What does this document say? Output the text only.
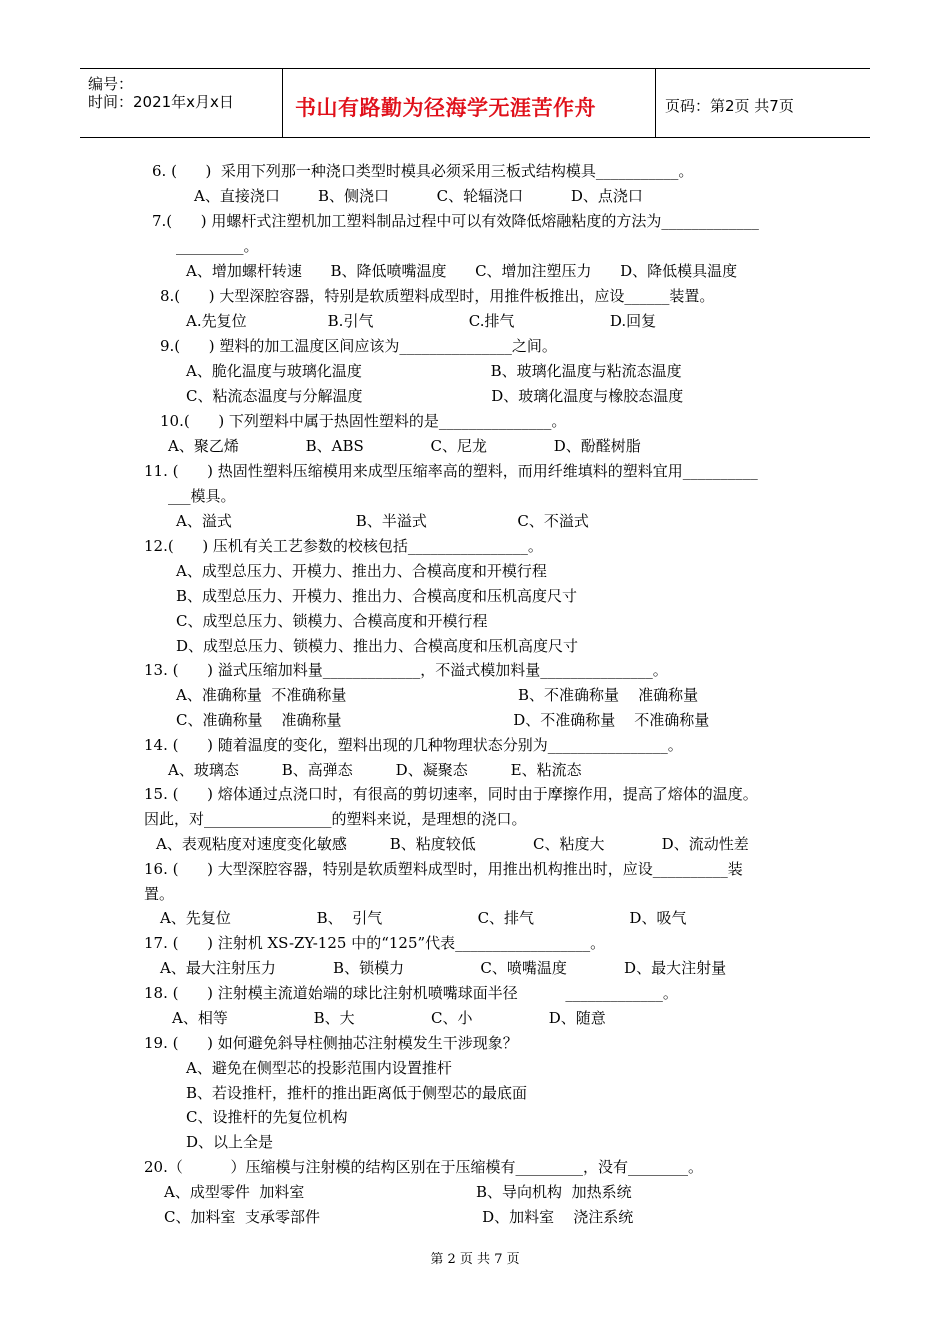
编号：
时间：2021年x月x日	书山有路勤为径海学无涯苦作舟	页码：第2页 共7页
6. (      )  采用下列那一种浇口类型时模具必须采用三板式结构模具___________。
A、直接浇口        B、侧浇口          C、轮辐浇口          D、点浇口
7.(      ) 用螺杆式注塑机加工塑料制品过程中可以有效降低熔融粘度的方法为_____________
_________。
A、增加螺杆转速      B、降低喷嘴温度      C、增加注塑压力      D、降低模具温度
8.(      ) 大型深腔容器，特别是软质塑料成型时，用推件板推出，应设______装置。
A.先复位                 B.引气                    C.排气                    D.回复
9.(      ) 塑料的加工温度区间应该为_______________之间。
A、脆化温度与玻璃化温度                           B、玻璃化温度与粘流态温度
C、粘流态温度与分解温度                           D、玻璃化温度与橡胶态温度
10.(      ) 下列塑料中属于热固性塑料的是_______________。
A、聚乙烯              B、ABS              C、尼龙              D、酚醛树脂
11. (      ) 热固性塑料压缩模用来成型压缩率高的塑料，而用纤维填料的塑料宜用__________
___模具。
A、溢式                          B、半溢式                   C、不溢式
12.(      ) 压机有关工艺参数的校核包括________________。
A、成型总压力、开模力、推出力、合模高度和开模行程
B、成型总压力、开模力、推出力、合模高度和压机高度尺寸
C、成型总压力、锁模力、合模高度和开模行程
D、成型总压力、锁模力、推出力、合模高度和压机高度尺寸
13. (      ) 溢式压缩加料量_____________，不溢式模加料量_______________。
A、准确称量  不准确称量                                    B、不准确称量    准确称量
C、准确称量    准确称量                                    D、不准确称量    不准确称量
14. (      ) 随着温度的变化，塑料出现的几种物理状态分别为________________。
A、玻璃态         B、高弹态         D、凝聚态         E、粘流态
15. (      ) 熔体通过点浇口时，有很高的剪切速率，同时由于摩擦作用，提高了熔体的温度。
因此，对_________________的塑料来说，是理想的浇口。
A、表观粘度对速度变化敏感         B、粘度较低            C、粘度大            D、流动性差
16. (      ) 大型深腔容器，特别是软质塑料成型时，用推出机构推出时，应设__________装
置。
A、先复位                  B、  引气                    C、排气                    D、吸气
17. (      ) 注射机 XS-ZY-125 中的“125”代表__________________。
A、最大注射压力            B、锁模力                C、喷嘴温度            D、最大注射量
18. (      ) 注射模主流道始端的球比注射机喷嘴球面半径          _____________。
A、相等                  B、大                C、小                D、随意
19. (      ) 如何避免斜导柱侧抽芯注射模发生干涉现象？
A、避免在侧型芯的投影范围内设置推杆
B、若设推杆，推杆的推出距离低于侧型芯的最底面
C、设推杆的先复位机构
D、以上全是
20.（          ）压缩模与注射模的结构区别在于压缩模有_________，没有________。
A、成型零件  加料室                                    B、导向机构  加热系统
C、加料室  支承零部件                                  D、加料室    浇注系统
第 2 页 共 7 页
